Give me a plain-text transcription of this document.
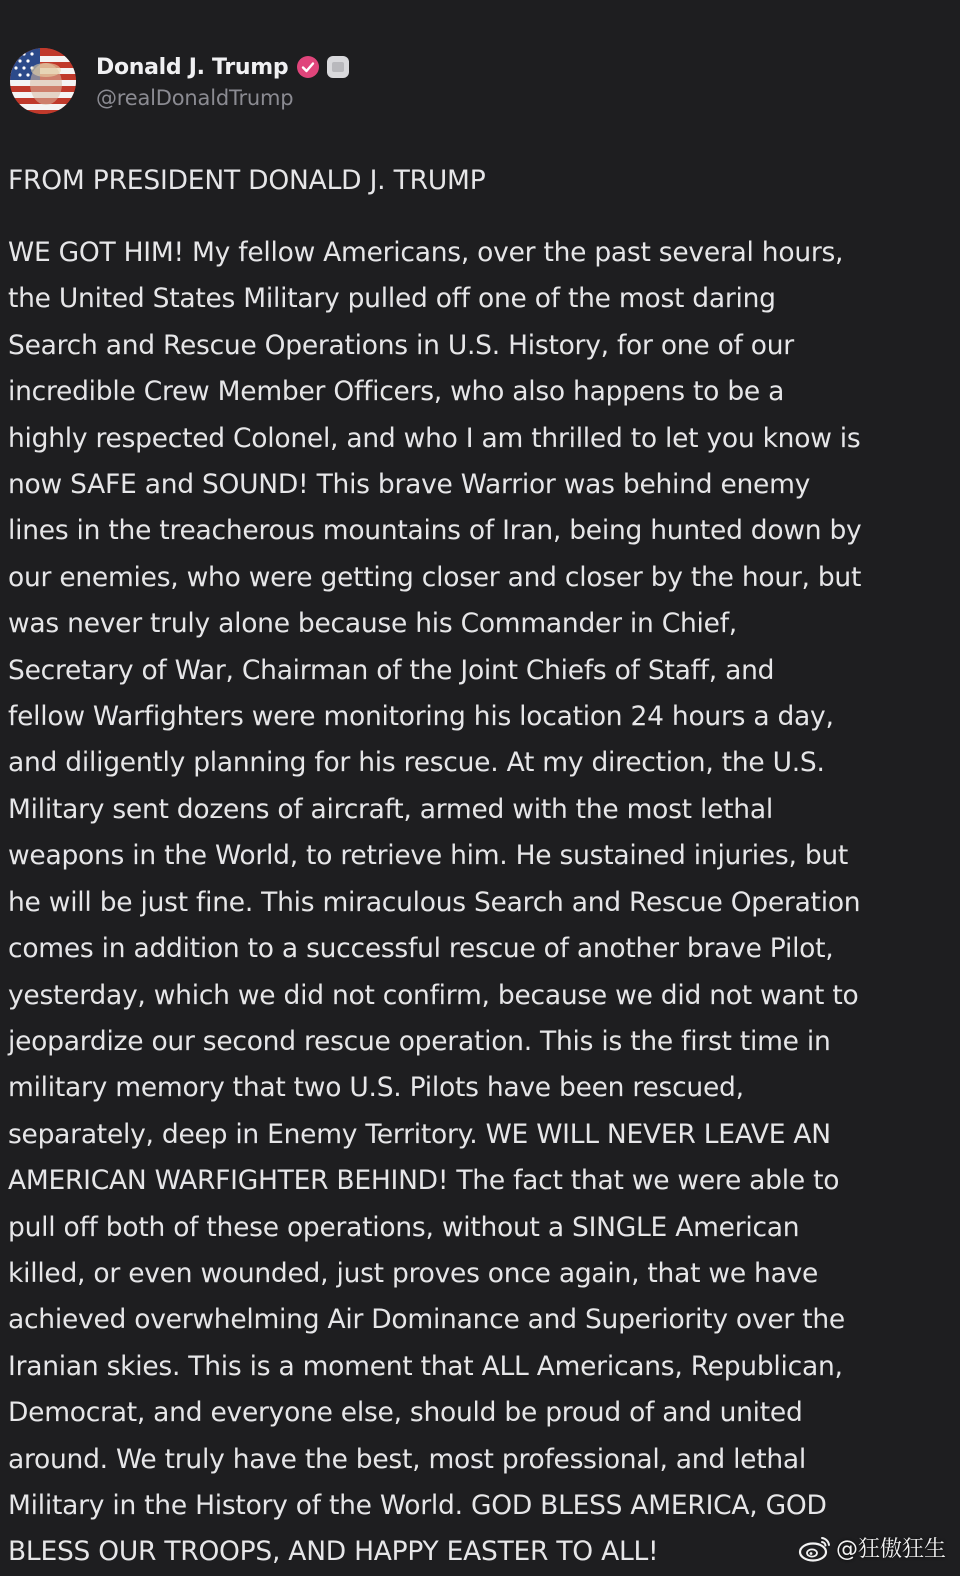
Donald J. Trump
@realDonaldTrump
FROM PRESIDENT DONALD J. TRUMP
WE GOT HIM! My fellow Americans, over the past several hours,
the United States Military pulled off one of the most daring
Search and Rescue Operations in U.S. History, for one of our
incredible Crew Member Officers, who also happens to be a
highly respected Colonel, and who I am thrilled to let you know is
now SAFE and SOUND! This brave Warrior was behind enemy
lines in the treacherous mountains of Iran, being hunted down by
our enemies, who were getting closer and closer by the hour, but
was never truly alone because his Commander in Chief,
Secretary of War, Chairman of the Joint Chiefs of Staff, and
fellow Warfighters were monitoring his location 24 hours a day,
and diligently planning for his rescue. At my direction, the U.S.
Military sent dozens of aircraft, armed with the most lethal
weapons in the World, to retrieve him. He sustained injuries, but
he will be just fine. This miraculous Search and Rescue Operation
comes in addition to a successful rescue of another brave Pilot,
yesterday, which we did not confirm, because we did not want to
jeopardize our second rescue operation. This is the first time in
military memory that two U.S. Pilots have been rescued,
separately, deep in Enemy Territory. WE WILL NEVER LEAVE AN
AMERICAN WARFIGHTER BEHIND! The fact that we were able to
pull off both of these operations, without a SINGLE American
killed, or even wounded, just proves once again, that we have
achieved overwhelming Air Dominance and Superiority over the
Iranian skies. This is a moment that ALL Americans, Republican,
Democrat, and everyone else, should be proud of and united
around. We truly have the best, most professional, and lethal
Military in the History of the World. GOD BLESS AMERICA, GOD
BLESS OUR TROOPS, AND HAPPY EASTER TO ALL!	@狂傲狂生
